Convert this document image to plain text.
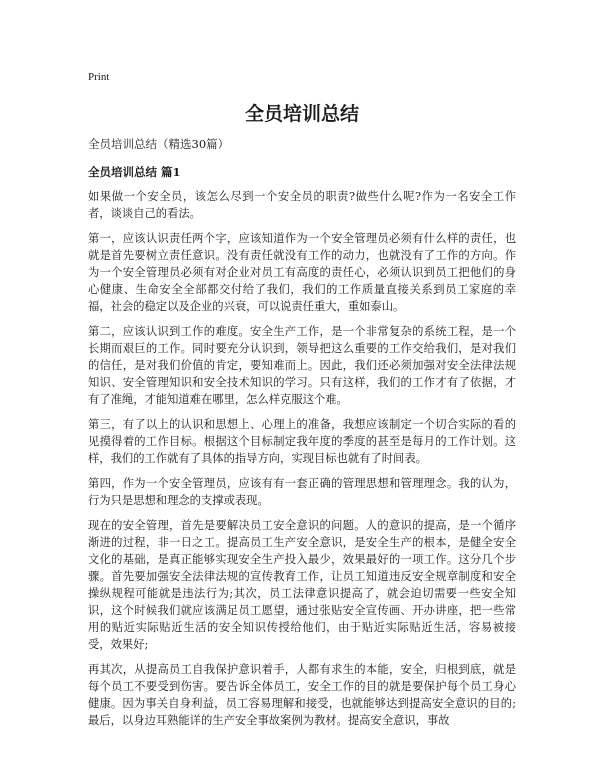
Print
全员培训总结
全员培训总结（精选30篇）
全员培训总结 篇1

如果做一个安全员，该怎么尽到一个安全员的职责?做些什么呢?作为一名安全工作者，谈谈自己的看法。

第一，应该认识责任两个字，应该知道作为一个安全管理员必须有什么样的责任，也就是首先要树立责任意识。没有责任就没有工作的动力，也就没有了工作的方向。作为一个安全管理员必须有对企业对员工有高度的责任心，必须认识到员工把他们的身心健康、生命安全全部都交付给了我们，我们的工作质量直接关系到员工家庭的幸福，社会的稳定以及企业的兴衰，可以说责任重大，重如泰山。

第二，应该认识到工作的难度。安全生产工作，是一个非常复杂的系统工程，是一个长期而艰巨的工作。同时要充分认识到，领导把这么重要的工作交给我们，是对我们的信任，是对我们价值的肯定，要知难而上。因此，我们还必须加强对安全法律法规知识、安全管理知识和安全技术知识的学习。只有这样，我们的工作才有了依据，才有了准绳，才能知道难在哪里，怎么样克服这个难。

第三，有了以上的认识和思想上、心理上的准备，我想应该制定一个切合实际的看的见摸得着的工作目标。根据这个目标制定我年度的季度的甚至是每月的工作计划。这样，我们的工作就有了具体的指导方向，实现目标也就有了时间表。

第四，作为一个安全管理员，应该有有一套正确的管理思想和管理理念。我的认为，行为只是思想和理念的支撑或表现。

现在的安全管理，首先是要解决员工安全意识的问题。人的意识的提高，是一个循序渐进的过程，非一日之工。提高员工生产安全意识，是安全生产的根本，是健全安全文化的基础，是真正能够实现安全生产投入最少，效果最好的一项工作。这分几个步骤。首先要加强安全法律法规的宣传教育工作，让员工知道违反安全规章制度和安全操纵规程可能就是违法行为;其次，员工法律意识提高了，就会迫切需要一些安全知识，这个时候我们就应该满足员工愿望，通过张贴安全宣传画、开办讲座，把一些常用的贴近实际贴近生活的安全知识传授给他们，由于贴近实际贴近生活，容易被接受，效果好;

再其次，从提高员工自我保护意识着手，人都有求生的本能，安全，归根到底，就是每个员工不要受到伤害。要告诉全体员工，安全工作的目的就是要保护每个员工身心健康。因为事关自身利益，员工容易理解和接受，也就能够达到提高安全意识的目的;最后，以身边耳熟能详的生产安全事故案例为教材。提高安全意识，事故
